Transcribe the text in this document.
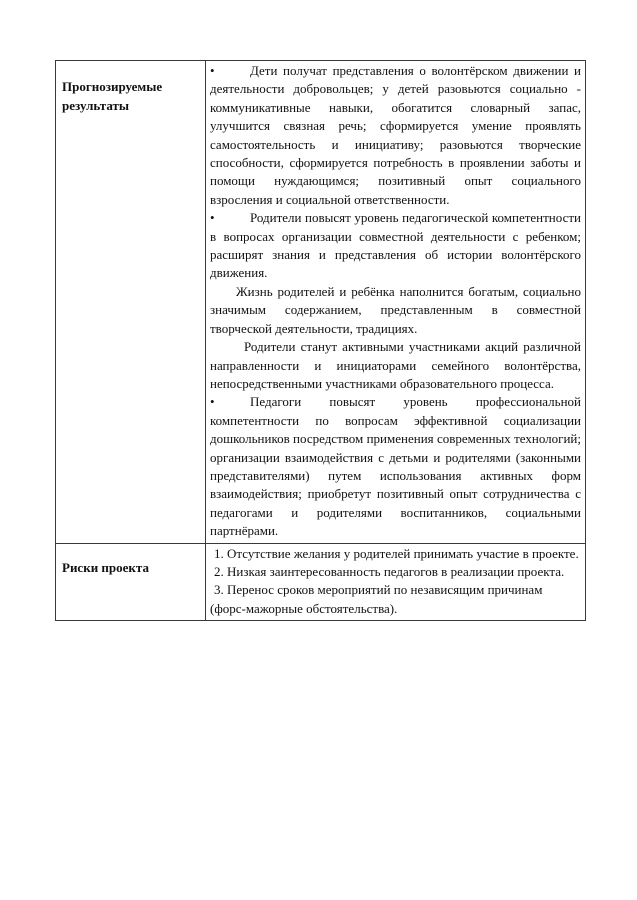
Прогнозируемые результаты	• Дети получат представления о волонтёрском движении и деятельности добровольцев; у детей разовьются социально - коммуникативные навыки, обогатится словарный запас, улучшится связная речь; сформируется умение проявлять самостоятельность и инициативу; разовьются творческие способности, сформируется потребность в проявлении заботы и помощи нуждающимся; позитивный опыт социального взросления и социальной ответственности.

• Родители повысят уровень педагогической компетентности в вопросах организации совместной деятельности с ребенком; расширят знания и представления об истории волонтёрского движения.

Жизнь родителей и ребёнка наполнится богатым, социально значимым содержанием, представленным в совместной творческой деятельности, традициях.

Родители станут активными участниками акций различной направленности и инициаторами семейного волонтёрства, непосредственными участниками образовательного процесса.

• Педагоги повысят уровень профессиональной компетентности по вопросам эффективной социализации дошкольников посредством применения современных технологий; организации взаимодействия с детьми и родителями (законными представителями) путем использования активных форм взаимодействия; приобретут позитивный опыт сотрудничества с педагогами и родителями воспитанников, социальными партнёрами.

Риски проекта	1. Отсутствие желания у родителей принимать участие в проекте.

2. Низкая заинтересованность педагогов в реализации проекта.

3. Перенос сроков мероприятий по независящим причинам (форс-мажорные обстоятельства).
